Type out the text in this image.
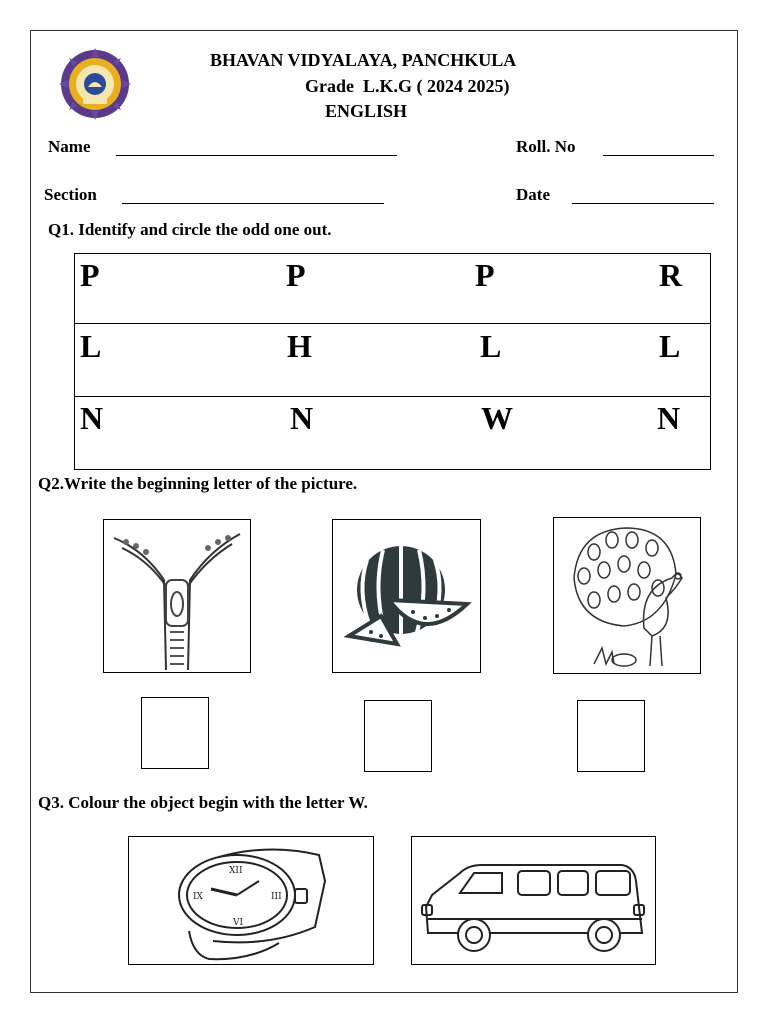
BHAVAN VIDYALAYA, PANCHKULA
Grade  L.K.G ( 2024 2025)
ENGLISH
Name	Roll. No
Section	Date
Q1. Identify and circle the odd one out.
P	P	P	R
L	H	L	L
N	N	W	N
Q2.Write the beginning letter of the picture.
Q3. Colour the object begin with the letter W.
XII
III
VI
IX
